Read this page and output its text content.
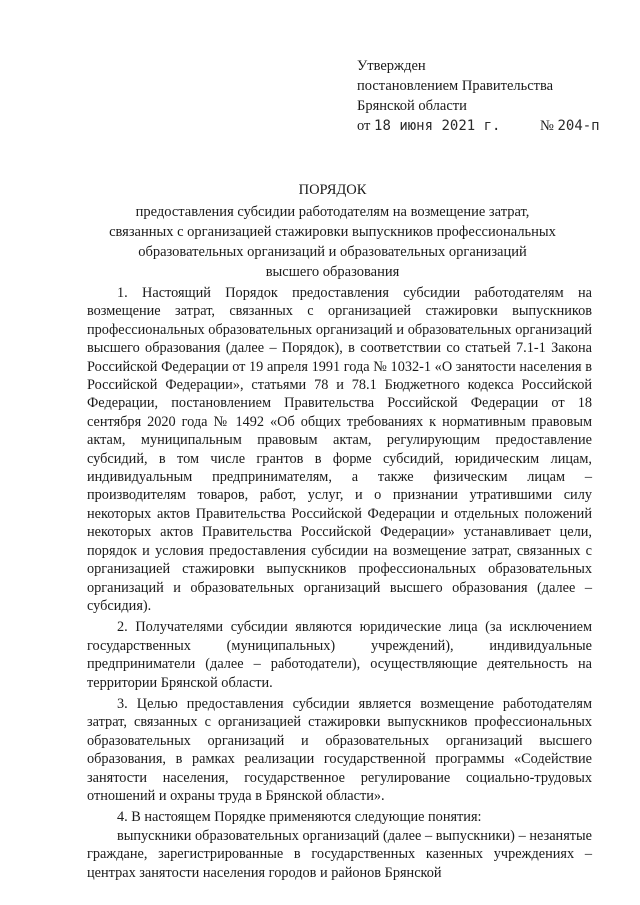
Утвержден
постановлением Правительства
Брянской области
от 18 июня 2021 г.	№ 204-п
ПОРЯДОК
предоставления субсидии работодателям на возмещение затрат,
связанных с организацией стажировки выпускников профессиональных
образовательных организаций и образовательных организаций
высшего образования

1. Настоящий Порядок предоставления субсидии работодателям на возмещение затрат, связанных с организацией стажировки выпускников профессиональных образовательных организаций и образовательных организаций высшего образования (далее – Порядок), в соответствии со статьей 7.1-1 Закона Российской Федерации от 19 апреля 1991 года № 1032-1 «О занятости населения в Российской Федерации», статьями 78 и 78.1 Бюджетного кодекса Российской Федерации, постановлением Правительства Российской Федерации от 18 сентября 2020 года № 1492 «Об общих требованиях к нормативным правовым актам, муниципальным правовым актам, регулирующим предоставление субсидий, в том числе грантов в форме субсидий, юридическим лицам, индивидуальным предпринимателям, а также физическим лицам – производителям товаров, работ, услуг, и о признании утратившими силу некоторых актов Правительства Российской Федерации и отдельных положений некоторых актов Правительства Российской Федерации» устанавливает цели, порядок и условия предоставления субсидии на возмещение затрат, связанных с организацией стажировки выпускников профессиональных образовательных организаций и образовательных организаций высшего образования (далее – субсидия).

2. Получателями субсидии являются юридические лица (за исключением государственных (муниципальных) учреждений), индивидуальные предприниматели (далее – работодатели), осуществляющие деятельность на территории Брянской области.

3. Целью предоставления субсидии является возмещение работодателям затрат, связанных с организацией стажировки выпускников профессиональных образовательных организаций и образовательных организаций высшего образования, в рамках реализации государственной программы «Содействие занятости населения, государственное регулирование социально-трудовых отношений и охраны труда в Брянской области».

4. В настоящем Порядке применяются следующие понятия:

выпускники образовательных организаций (далее – выпускники) – незанятые граждане, зарегистрированные в государственных казенных учреждениях – центрах занятости населения городов и районов Брянской
